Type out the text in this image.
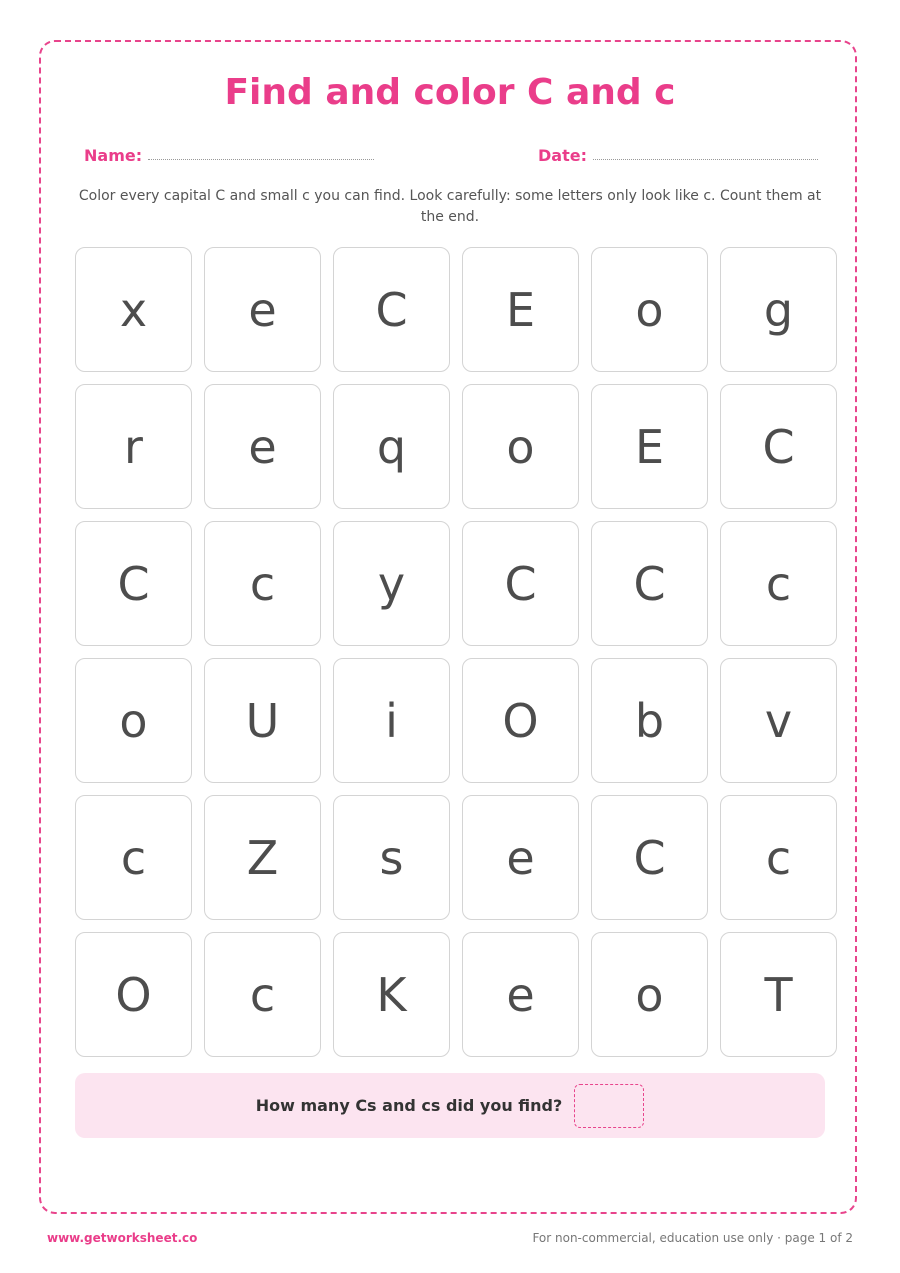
Find and color C and c
Name:	Date:
Color every capital C and small c you can find. Look carefully: some letters only look like c. Count them at the end.
x e C E o g
r e q o E C
C c y C C c
o U i O b v
c Z s e C c
O c K e o T
How many Cs and cs did you find?
www.getworksheet.co	For non-commercial, education use only · page 1 of 2
